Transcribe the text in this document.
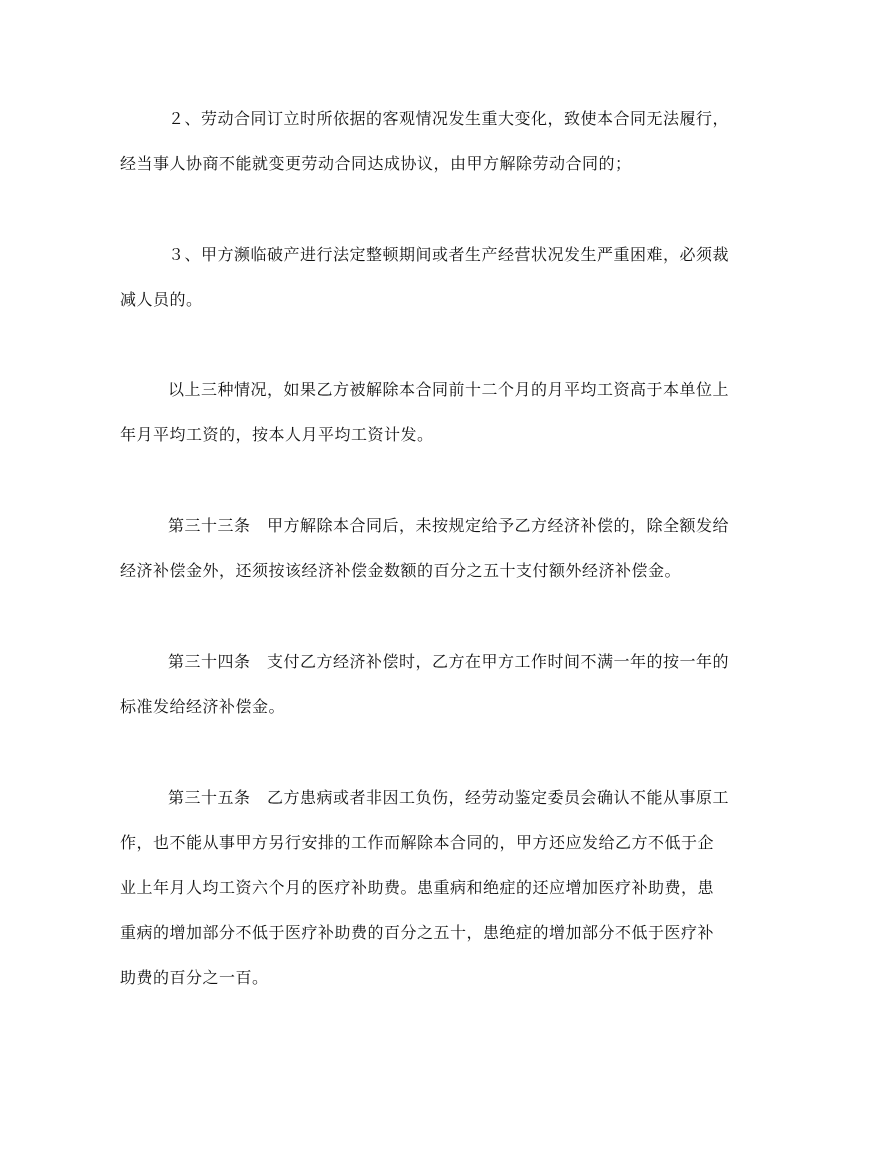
２、劳动合同订立时所依据的客观情况发生重大变化，致使本合同无法履行，
经当事人协商不能就变更劳动合同达成协议，由甲方解除劳动合同的；

３、甲方濒临破产进行法定整顿期间或者生产经营状况发生严重困难，必须裁
减人员的。

以上三种情况，如果乙方被解除本合同前十二个月的月平均工资高于本单位上
年月平均工资的，按本人月平均工资计发。

第三十三条　甲方解除本合同后，未按规定给予乙方经济补偿的，除全额发给
经济补偿金外，还须按该经济补偿金数额的百分之五十支付额外经济补偿金。

第三十四条　支付乙方经济补偿时，乙方在甲方工作时间不满一年的按一年的
标准发给经济补偿金。

第三十五条　乙方患病或者非因工负伤，经劳动鉴定委员会确认不能从事原工
作，也不能从事甲方另行安排的工作而解除本合同的，甲方还应发给乙方不低于企
业上年月人均工资六个月的医疗补助费。患重病和绝症的还应增加医疗补助费，患
重病的增加部分不低于医疗补助费的百分之五十，患绝症的增加部分不低于医疗补
助费的百分之一百。
